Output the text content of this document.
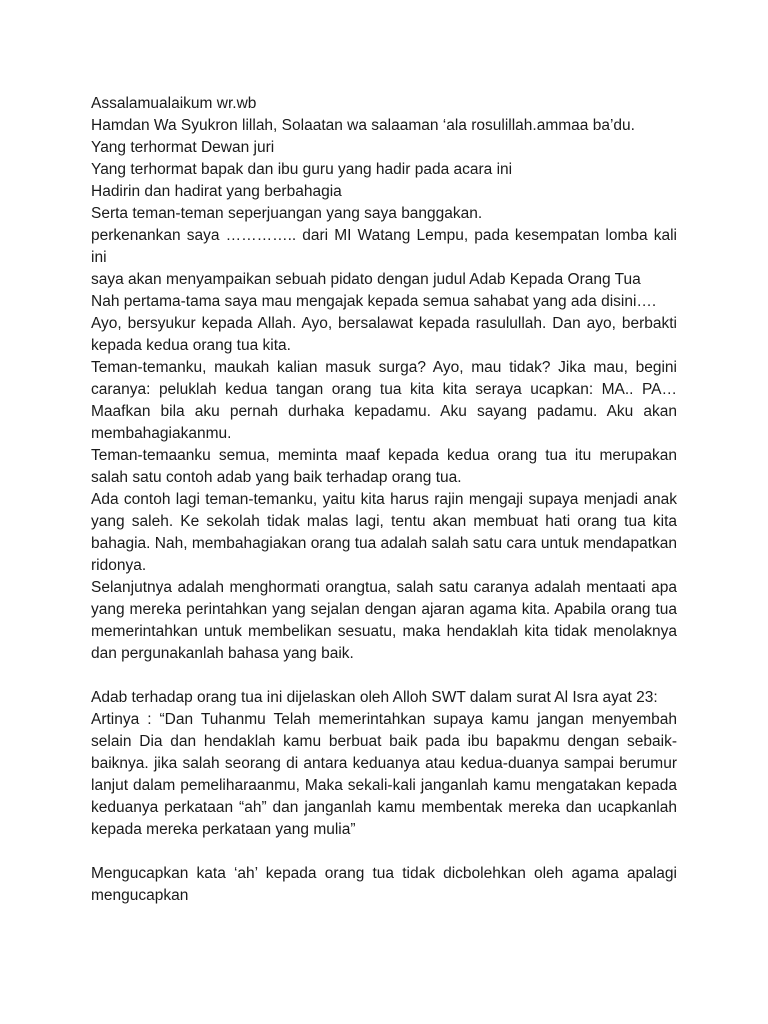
Assalamualaikum wr.wb
Hamdan Wa Syukron lillah, Solaatan wa salaaman ‘ala rosulillah.ammaa ba’du.
Yang terhormat Dewan juri
Yang terhormat bapak dan ibu guru yang hadir pada acara ini
Hadirin dan hadirat yang berbahagia
Serta teman-teman seperjuangan yang saya banggakan.
perkenankan saya ………….. dari MI Watang Lempu, pada kesempatan lomba kali ini
saya akan menyampaikan sebuah pidato dengan judul Adab Kepada Orang Tua
Nah pertama-tama saya mau mengajak kepada semua sahabat yang ada disini….
Ayo, bersyukur kepada Allah. Ayo, bersalawat kepada rasulullah. Dan ayo, berbakti kepada kedua orang tua kita.
Teman-temanku, maukah kalian masuk surga? Ayo, mau tidak? Jika mau, begini caranya: peluklah kedua tangan orang tua kita kita seraya ucapkan: MA.. PA… Maafkan bila aku pernah durhaka kepadamu. Aku sayang padamu. Aku akan membahagiakanmu.
Teman-temaanku semua, meminta maaf kepada kedua orang tua itu merupakan salah satu contoh adab yang baik terhadap orang tua.
Ada contoh lagi teman-temanku, yaitu kita harus rajin mengaji supaya menjadi anak yang saleh. Ke sekolah tidak malas lagi, tentu akan membuat hati orang tua kita bahagia. Nah, membahagiakan orang tua adalah salah satu cara untuk mendapatkan ridonya.
Selanjutnya adalah menghormati orangtua, salah satu caranya adalah mentaati apa yang mereka perintahkan yang sejalan dengan ajaran agama kita. Apabila orang tua memerintahkan untuk membelikan sesuatu, maka hendaklah kita tidak menolaknya dan pergunakanlah bahasa yang baik.
Adab terhadap orang tua ini dijelaskan oleh Alloh SWT dalam surat Al Isra ayat 23:
Artinya : “Dan Tuhanmu Telah memerintahkan supaya kamu jangan menyembah selain Dia dan hendaklah kamu berbuat baik pada ibu bapakmu dengan sebaik-baiknya. jika salah seorang di antara keduanya atau kedua-duanya sampai berumur lanjut dalam pemeliharaanmu, Maka sekali-kali janganlah kamu mengatakan kepada keduanya perkataan “ah” dan janganlah kamu membentak mereka dan ucapkanlah kepada mereka perkataan yang mulia”
Mengucapkan kata ‘ah’ kepada orang tua tidak dicbolehkan oleh agama apalagi mengucapkan
